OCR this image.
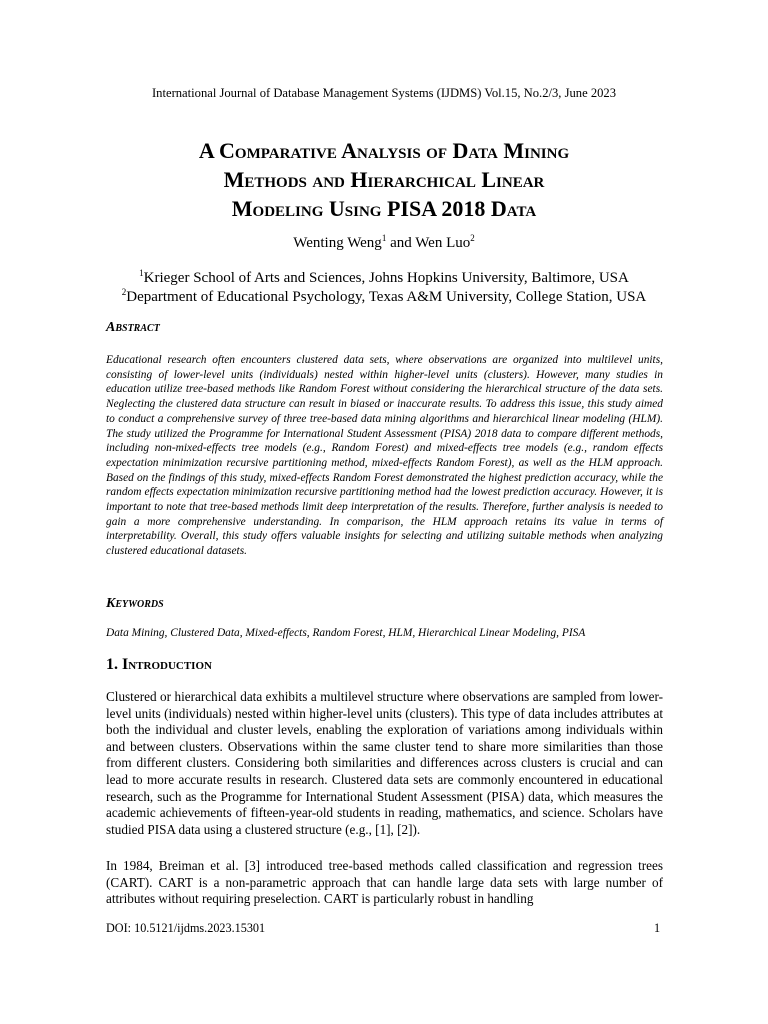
International Journal of Database Management Systems (IJDMS) Vol.15, No.2/3, June 2023
A Comparative Analysis of Data Mining
Methods and Hierarchical Linear
Modeling Using PISA 2018 Data
Wenting Weng$^1$ and Wen Luo$^2$
$^1$Krieger School of Arts and Sciences, Johns Hopkins University, Baltimore, USA
$^2$Department of Educational Psychology, Texas A&M University, College Station, USA
Abstract
Educational research often encounters clustered data sets, where observations are organized into multilevel units, consisting of lower-level units (individuals) nested within higher-level units (clusters). However, many studies in education utilize tree-based methods like Random Forest without considering the hierarchical structure of the data sets. Neglecting the clustered data structure can result in biased or inaccurate results. To address this issue, this study aimed to conduct a comprehensive survey of three tree-based data mining algorithms and hierarchical linear modeling (HLM). The study utilized the Programme for International Student Assessment (PISA) 2018 data to compare different methods, including non-mixed-effects tree models (e.g., Random Forest) and mixed-effects tree models (e.g., random effects expectation minimization recursive partitioning method, mixed-effects Random Forest), as well as the HLM approach. Based on the findings of this study, mixed-effects Random Forest demonstrated the highest prediction accuracy, while the random effects expectation minimization recursive partitioning method had the lowest prediction accuracy. However, it is important to note that tree-based methods limit deep interpretation of the results. Therefore, further analysis is needed to gain a more comprehensive understanding. In comparison, the HLM approach retains its value in terms of interpretability. Overall, this study offers valuable insights for selecting and utilizing suitable methods when analyzing clustered educational datasets.
Keywords
Data Mining, Clustered Data, Mixed-effects, Random Forest, HLM, Hierarchical Linear Modeling, PISA
1. Introduction
Clustered or hierarchical data exhibits a multilevel structure where observations are sampled from lower-level units (individuals) nested within higher-level units (clusters). This type of data includes attributes at both the individual and cluster levels, enabling the exploration of variations among individuals within and between clusters. Observations within the same cluster tend to share more similarities than those from different clusters. Considering both similarities and differences across clusters is crucial and can lead to more accurate results in research. Clustered data sets are commonly encountered in educational research, such as the Programme for International Student Assessment (PISA) data, which measures the academic achievements of fifteen-year-old students in reading, mathematics, and science. Scholars have studied PISA data using a clustered structure (e.g., [1], [2]).
In 1984, Breiman et al. [3] introduced tree-based methods called classification and regression trees (CART). CART is a non-parametric approach that can handle large data sets with large number of attributes without requiring preselection. CART is particularly robust in handling
DOI: 10.5121/ijdms.2023.15301	1
